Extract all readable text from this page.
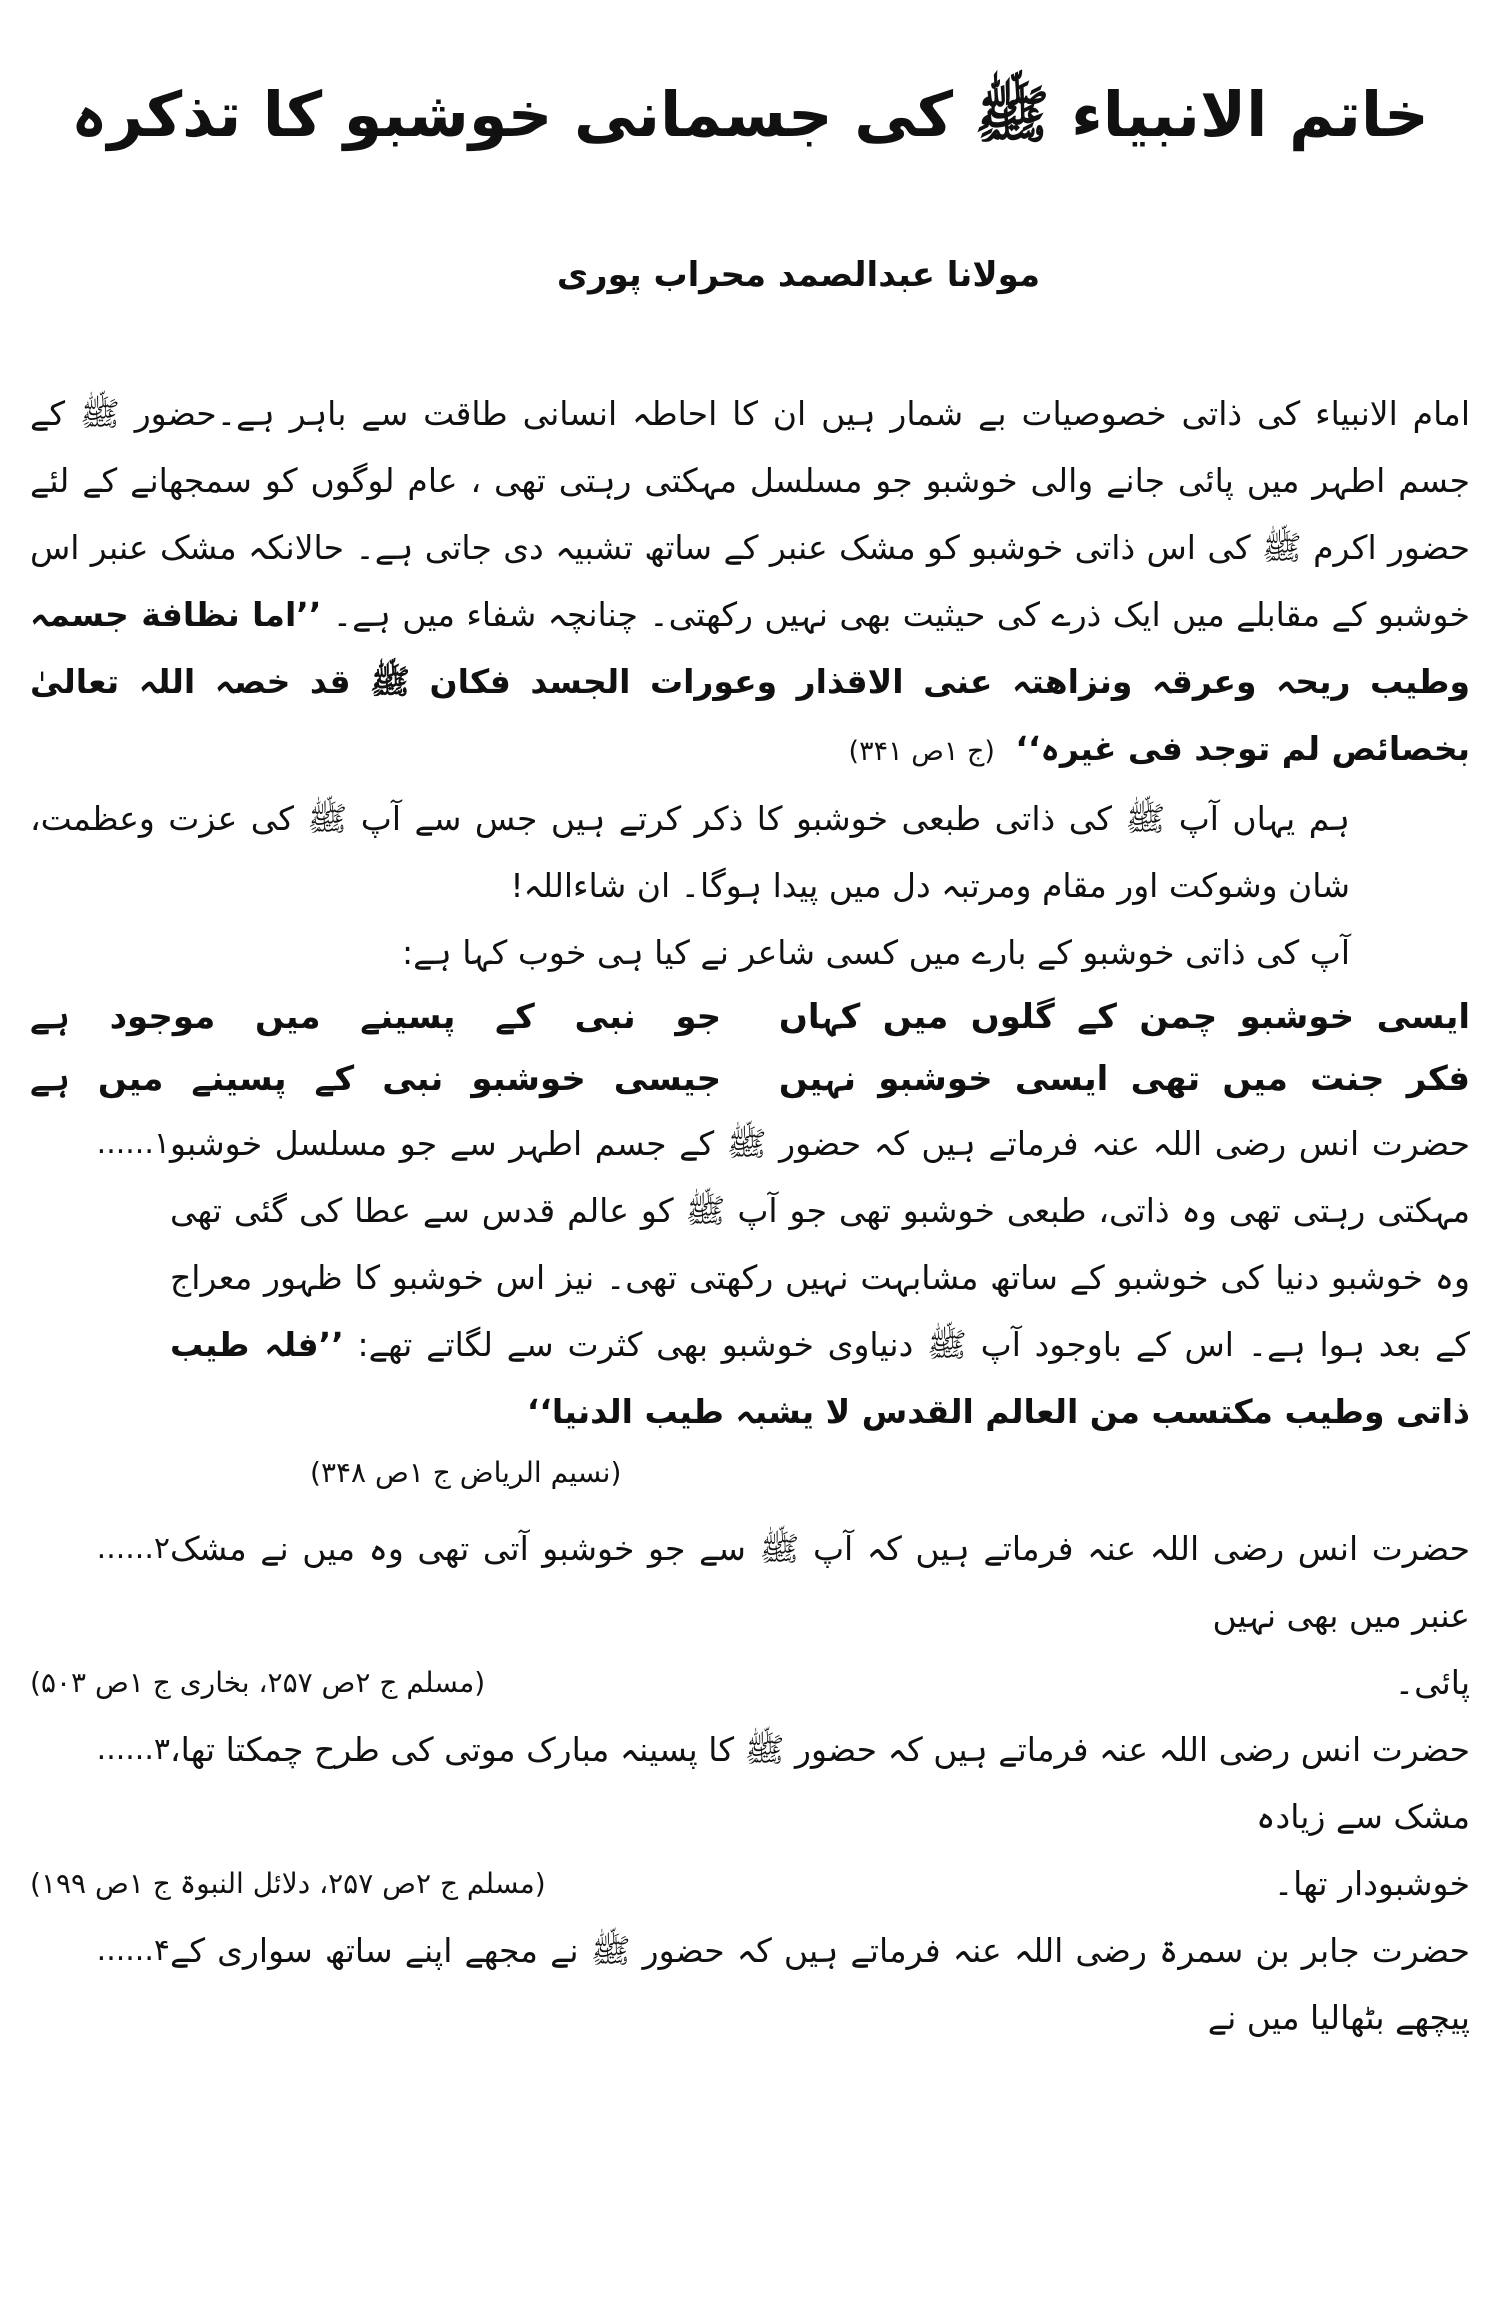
خاتم الانبیاء ﷺ کی جسمانی خوشبو کا تذکرہ
مولانا عبدالصمد محراب پوری

امام الانبیاء کی ذاتی خصوصیات بے شمار ہیں ان کا احاطہ انسانی طاقت سے باہر ہے۔حضور ﷺ کے جسم اطہر میں پائی جانے والی خوشبو جو مسلسل مہکتی رہتی تھی ، عام لوگوں کو سمجھانے کے لئے حضور اکرم ﷺ کی اس ذاتی خوشبو کو مشک عنبر کے ساتھ تشبیہ دی جاتی ہے۔ حالانکہ مشک عنبر اس خوشبو کے مقابلے میں ایک ذرے کی حیثیت بھی نہیں رکھتی۔ چنانچہ شفاء میں ہے۔ ’’اما نظافة جسمہ وطیب ریحہ وعرقہ ونزاھتہ عنی الاقذار وعورات الجسد فکان ﷺ قد خصہ اللہ تعالیٰ بخصائص لم توجد فی غیرہ‘‘ (ج ۱ص ۳۴۱)

ہم یہاں آپ ﷺ کی ذاتی طبعی خوشبو کا ذکر کرتے ہیں جس سے آپ ﷺ کی عزت وعظمت، شان وشوکت اور مقام ومرتبہ دل میں پیدا ہوگا۔ ان شاءاللہ!

آپ کی ذاتی خوشبو کے بارے میں کسی شاعر نے کیا ہی خوب کہا ہے:

ایسی خوشبو چمن کے گلوں میں کہاں
جو نبی کے پسینے میں موجود ہے
فکر جنت میں تھی ایسی خوشبو نہیں
جیسی خوشبو نبی کے پسینے میں ہے
حضرت انس رضی اللہ عنہ فرماتے ہیں کہ حضور ﷺ کے جسم اطہر سے جو مسلسل خوشبو مہکتی رہتی تھی وہ ذاتی، طبعی خوشبو تھی جو آپ ﷺ کو عالم قدس سے عطا کی گئی تھی وہ خوشبو دنیا کی خوشبو کے ساتھ مشابہت نہیں رکھتی تھی۔ نیز اس خوشبو کا ظہور معراج کے بعد ہوا ہے۔ اس کے باوجود آپ ﷺ دنیاوی خوشبو بھی کثرت سے لگاتے تھے: ’’فلہ طیب ذاتی وطیب مکتسب من العالم القدس لا یشبہ طیب الدنیا‘‘
۱......
(نسیم الریاض ج ۱ص ۳۴۸)
حضرت انس رضی اللہ عنہ فرماتے ہیں کہ آپ ﷺ سے جو خوشبو آتی تھی وہ میں نے مشک عنبر میں بھی نہیں
۲......
پائی۔
(مسلم ج ۲ص ۲۵۷، بخاری ج ۱ص ۵۰۳)
حضرت انس رضی اللہ عنہ فرماتے ہیں کہ حضور ﷺ کا پسینہ مبارک موتی کی طرح چمکتا تھا، مشک سے زیادہ
۳......
خوشبودار تھا۔
(مسلم ج ۲ص ۲۵۷، دلائل النبوۃ ج ۱ص ۱۹۹)
حضرت جابر بن سمرۃ رضی اللہ عنہ فرماتے ہیں کہ حضور ﷺ نے مجھے اپنے ساتھ سواری کے پیچھے بٹھالیا میں نے
۴......
